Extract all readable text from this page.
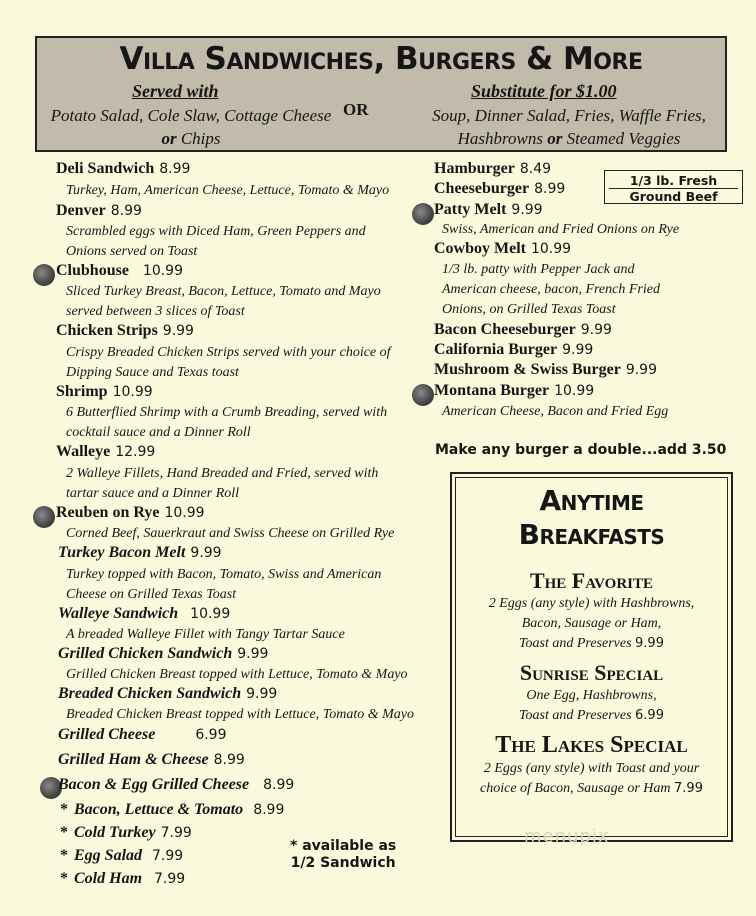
Villa Sandwiches, Burgers & More
Served with
Potato Salad, Cole Slaw, Cottage Cheese
or Chips
OR
Substitute for $1.00
Soup, Dinner Salad, Fries, Waffle Fries,
Hashbrowns or Steamed Veggies
Deli Sandwich 8.99
Turkey, Ham, American Cheese, Lettuce, Tomato & Mayo
Denver 8.99
Scrambled eggs with Diced Ham, Green Peppers and
Onions served on Toast
Clubhouse 10.99
Sliced Turkey Breast, Bacon, Lettuce, Tomato and Mayo
served between 3 slices of Toast
Chicken Strips 9.99
Crispy Breaded Chicken Strips served with your choice of
Dipping Sauce and Texas toast
Shrimp 10.99
6 Butterflied Shrimp with a Crumb Breading, served with
cocktail sauce and a Dinner Roll
Walleye 12.99
2 Walleye Fillets, Hand Breaded and Fried, served with
tartar sauce and a Dinner Roll
Reuben on Rye 10.99
Corned Beef, Sauerkraut and Swiss Cheese on Grilled Rye
Turkey Bacon Melt 9.99
Turkey topped with Bacon, Tomato, Swiss and American
Cheese on Grilled Texas Toast
Walleye Sandwich 10.99
A breaded Walleye Fillet with Tangy Tartar Sauce
Grilled Chicken Sandwich 9.99
Grilled Chicken Breast topped with Lettuce, Tomato & Mayo
Breaded Chicken Sandwich 9.99
Breaded Chicken Breast topped with Lettuce, Tomato & Mayo
Grilled Cheese	6.99
Grilled Ham & Cheese 8.99
Bacon & Egg Grilled Cheese 8.99
* Bacon, Lettuce & Tomato 8.99
* Cold Turkey 7.99
* Egg Salad 7.99
* Cold Ham 7.99
* available as
1/2 Sandwich
Hamburger 8.49
Cheeseburger 8.99
1/3 lb. Fresh
Ground Beef
Patty Melt 9.99
Swiss, American and Fried Onions on Rye
Cowboy Melt 10.99
1/3 lb. patty with Pepper Jack and
American cheese, bacon, French Fried
Onions, on Grilled Texas Toast
Bacon Cheeseburger 9.99
California Burger 9.99
Mushroom & Swiss Burger 9.99
Montana Burger 10.99
American Cheese, Bacon and Fried Egg
Make any burger a double...add 3.50
Anytime
Breakfasts
The Favorite
2 Eggs (any style) with Hashbrowns,
Bacon, Sausage or Ham,
Toast and Preserves 9.99
Sunrise Special
One Egg, Hashbrowns,
Toast and Preserves 6.99
The Lakes Special
2 Eggs (any style) with Toast and your
choice of Bacon, Sausage or Ham 7.99
menupix
